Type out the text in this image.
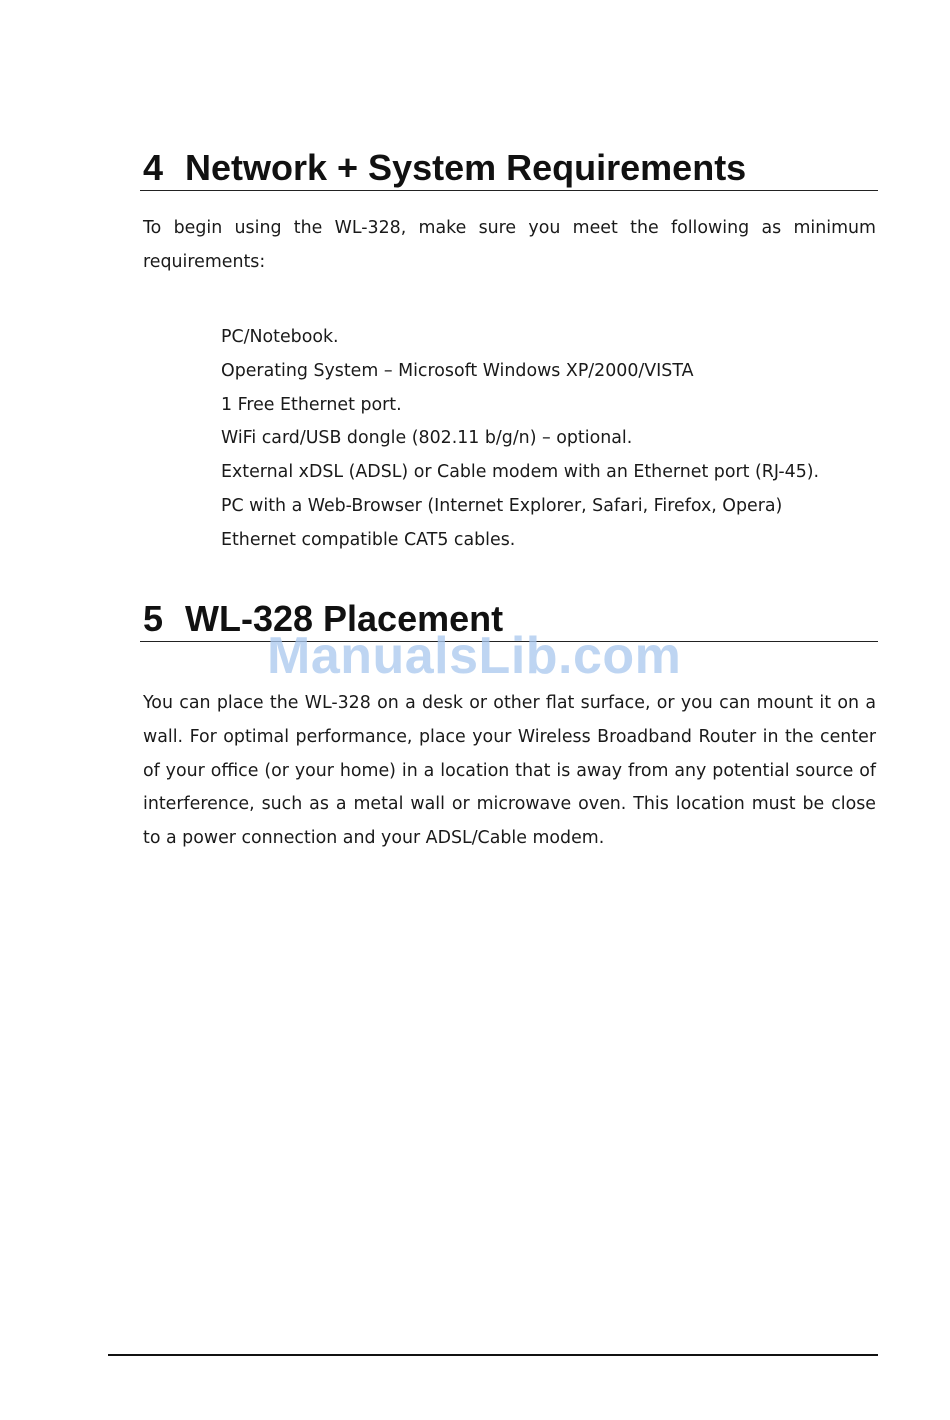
4 Network + System Requirements

To begin using the WL-328, make sure you meet the following as minimum requirements:

PC/Notebook.
Operating System – Microsoft Windows XP/2000/VISTA
1 Free Ethernet port.
WiFi card/USB dongle (802.11 b/g/n) – optional.
External xDSL (ADSL) or Cable modem with an Ethernet port (RJ-45).
PC with a Web-Browser (Internet Explorer, Safari, Firefox, Opera)
Ethernet compatible CAT5 cables.
5 WL-328 Placement
ManualsLib.com

You can place the WL-328 on a desk or other flat surface, or you can mount it on a wall. For optimal performance, place your Wireless Broadband Router in the center of your office (or your home) in a location that is away from any potential source of interference, such as a metal wall or microwave oven. This location must be close to a power connection and your ADSL/Cable modem.
